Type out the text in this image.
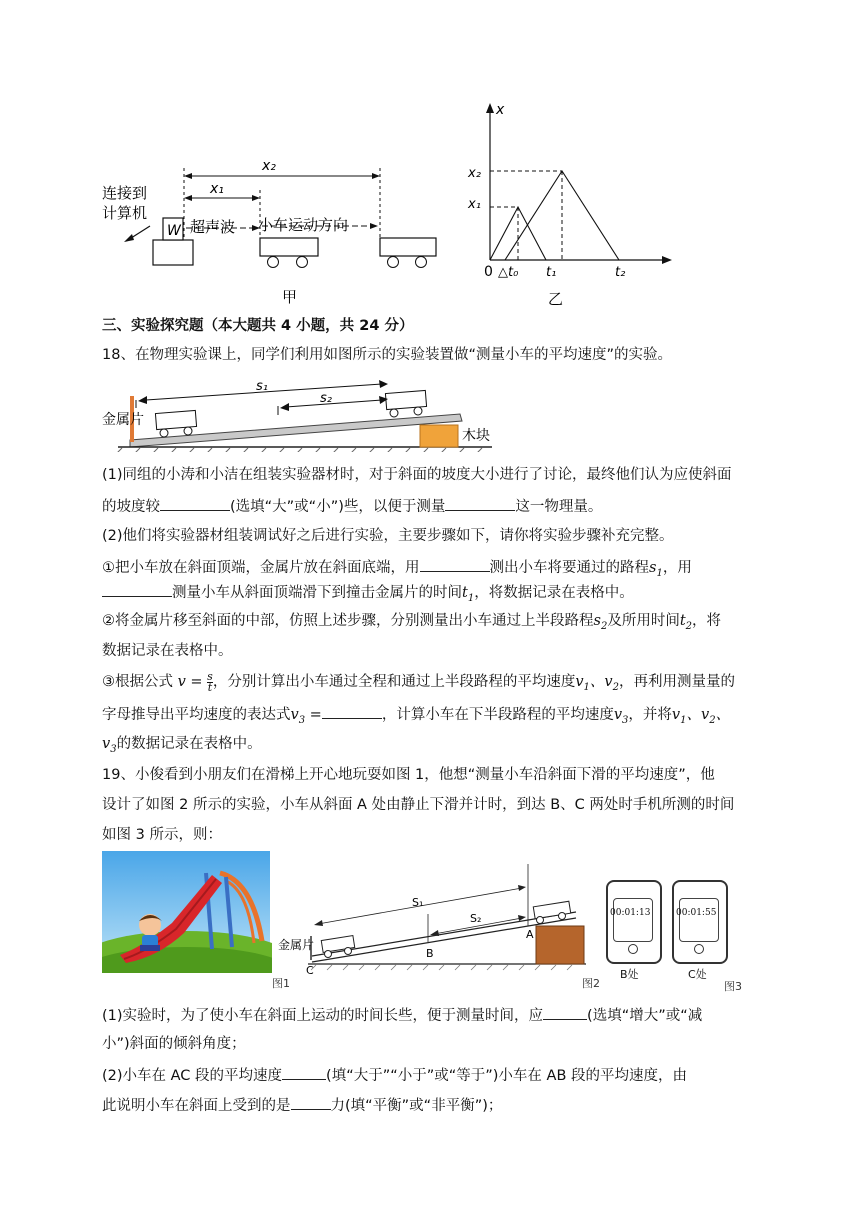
连接到
计算机
W
x₂
x₁
超声波 小车运动方向
甲
x
x₂
x₁
0 △t₀ t₁	t₂
乙
三、实验探究题（本大题共 4 小题，共 24 分）
18、在物理实验课上，同学们利用如图所示的实验装置做“测量小车的平均速度”的实验。
金属片
木块
s₁
s₂
(1)同组的小涛和小洁在组装实验器材时，对于斜面的坡度大小进行了讨论，最终他们认为应使斜面
的坡度较	(选填“大”或“小”)些，以便于测量	这一物理量。
(2)他们将实验器材组装调试好之后进行实验，主要步骤如下，请你将实验步骤补充完整。
①把小车放在斜面顶端，金属片放在斜面底端，用	测出小车将要通过的路程$s_1$，用
测量小车从斜面顶端滑下到撞击金属片的时间$t_1$，将数据记录在表格中。
②将金属片移至斜面的中部，仿照上述步骤，分别测量出小车通过上半段路程$s_2$及所用时间$t_2$，将
数据记录在表格中。
③根据公式 $v = \frac{s}{t}$ ，分别计算出小车通过全程和通过上半段路程的平均速度$v_1$、$v_2$，再利用测量量的
字母推导出平均速度的表达式$v_3$ =	，计算小车在下半段路程的平均速度$v_3$，并将$v_1$、$v_2$、
$v_3$的数据记录在表格中。
19、小俊看到小朋友们在滑梯上开心地玩耍如图 1，他想“测量小车沿斜面下滑的平均速度”，他
设计了如图 2 所示的实验，小车从斜面 A 处由静止下滑并计时，到达 B、C 两处时手机所测的时间
如图 3 所示，则：
图1
金属片
C
B
A
S₁
S₂
图2
00:01:13
B处
00:01:55
C处
图3
(1)实验时，为了使小车在斜面上运动的时间长些，便于测量时间，应	(选填“增大”或“减
小”)斜面的倾斜角度；
(2)小车在 AC 段的平均速度	(填“大于”“小于”或“等于”)小车在 AB 段的平均速度，由
此说明小车在斜面上受到的是	力(填“平衡”或“非平衡”)；
